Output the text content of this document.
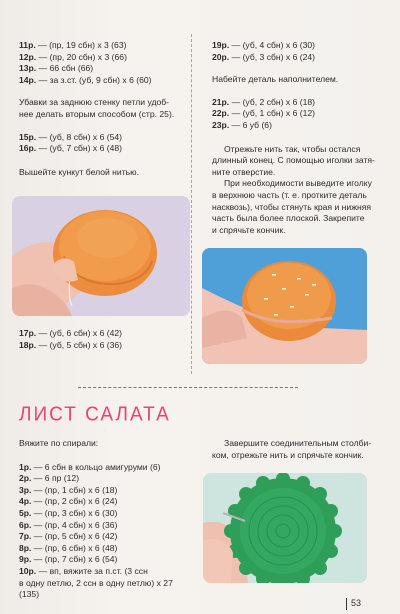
11р. — (пр, 19 сбн) х 3 (63)

12р. — (пр, 20 сбн) х 3 (66)

13р. — 66 сбн (66)

14р. — за з.ст. (уб, 9 сбн) х 6 (60)

Убавки за заднюю стенку петли удоб-

нее делать вторым способом (стр. 25).

15р. — (уб, 8 сбн) х 6 (54)

16р. — (уб, 7 сбн) х 6 (48)

Вышейте кункут белой нитью.

17р. — (уб, 6 сбн) х 6 (42)

18р. — (уб, 5 сбн) х 6 (36)

19р. — (уб, 4 сбн) х 6 (30)

20р. — (уб, 3 сбн) х 6 (24)

Набейте деталь наполнителем.

21р. — (уб, 2 сбн) х 6 (18)

22р. — (уб, 1 сбн) х 6 (12)

23р. — 6 уб (6)

Отрежьте нить так, чтобы остался

длинный конец. С помощью иголки затя-

ните отверстие.

При необходимости выведите иголку

в верхнюю часть (т. е. протките деталь

насквозь), чтобы стянуть края и нижняя

часть была более плоской. Закрепите

и спрячьте кончик.

ЛИСТ САЛАТА

Вяжите по спирали:

1р. — 6 сбн в кольцо амигуруми (6)

2р. — 6 пр (12)

3р. — (пр, 1 сбн) х 6 (18)

4р. — (пр, 2 сбн) х 6 (24)

5р. — (пр, 3 сбн) х 6 (30)

6р. — (пр, 4 сбн) х 6 (36)

7р. — (пр, 5 сбн) х 6 (42)

8р. — (пр, 6 сбн) х 6 (48)

9р. — (пр, 7 сбн) х 6 (54)

10р. — вп, вяжите за п.ст. (3 ссн

в одну петлю, 2 ссн в одну петлю) х 27

(135)

Завершите соединительным столби-

ком, отрежьте нить и спрячьте кончик.

53
